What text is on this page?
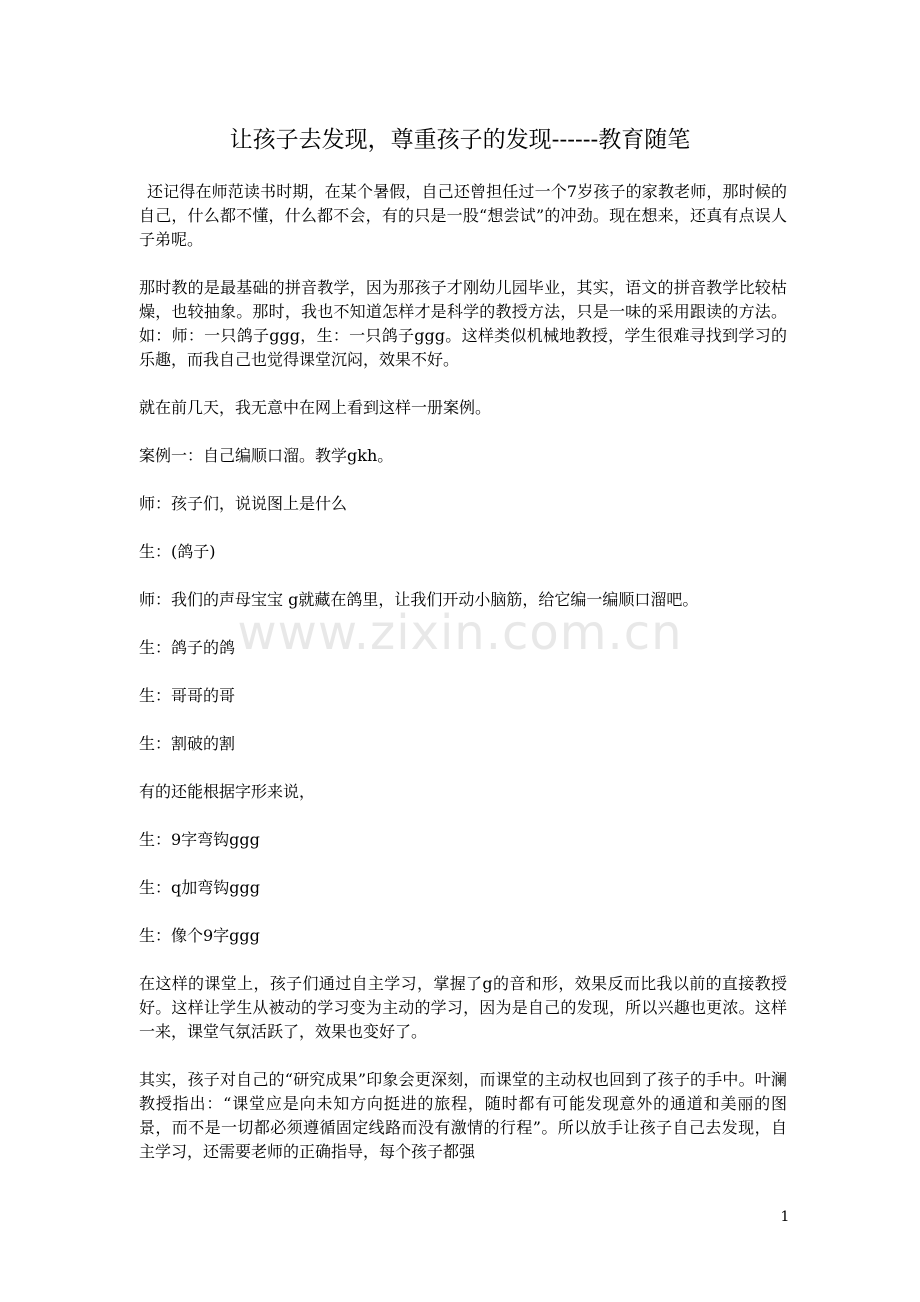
让孩子去发现，尊重孩子的发现------教育随笔

还记得在师范读书时期，在某个暑假，自己还曾担任过一个7岁孩子的家教老师，那时候的自己，什么都不懂，什么都不会，有的只是一股“想尝试”的冲劲。现在想来，还真有点误人子弟呢。

那时教的是最基础的拼音教学，因为那孩子才刚幼儿园毕业，其实，语文的拼音教学比较枯燥，也较抽象。那时，我也不知道怎样才是科学的教授方法，只是一味的采用跟读的方法。如：师：一只鸽子ggg，生：一只鸽子ggg。这样类似机械地教授，学生很难寻找到学习的乐趣，而我自己也觉得课堂沉闷，效果不好。

就在前几天，我无意中在网上看到这样一册案例。

案例一：自己编顺口溜。教学gkh。

师：孩子们，说说图上是什么

生：(鸽子)

师：我们的声母宝宝 g就藏在鸽里，让我们开动小脑筋，给它编一编顺口溜吧。

生：鸽子的鸽

生：哥哥的哥

生：割破的割

有的还能根据字形来说，

生：9字弯钩ggg

生：q加弯钩ggg

生：像个9字ggg

在这样的课堂上，孩子们通过自主学习，掌握了g的音和形，效果反而比我以前的直接教授好。这样让学生从被动的学习变为主动的学习，因为是自己的发现，所以兴趣也更浓。这样一来，课堂气氛活跃了，效果也变好了。

其实，孩子对自己的“研究成果”印象会更深刻，而课堂的主动权也回到了孩子的手中。叶澜教授指出：“课堂应是向未知方向挺进的旅程，随时都有可能发现意外的通道和美丽的图景，而不是一切都必须遵循固定线路而没有激情的行程”。所以放手让孩子自己去发现，自主学习，还需要老师的正确指导，每个孩子都强

www.zixin.com.cn
1
